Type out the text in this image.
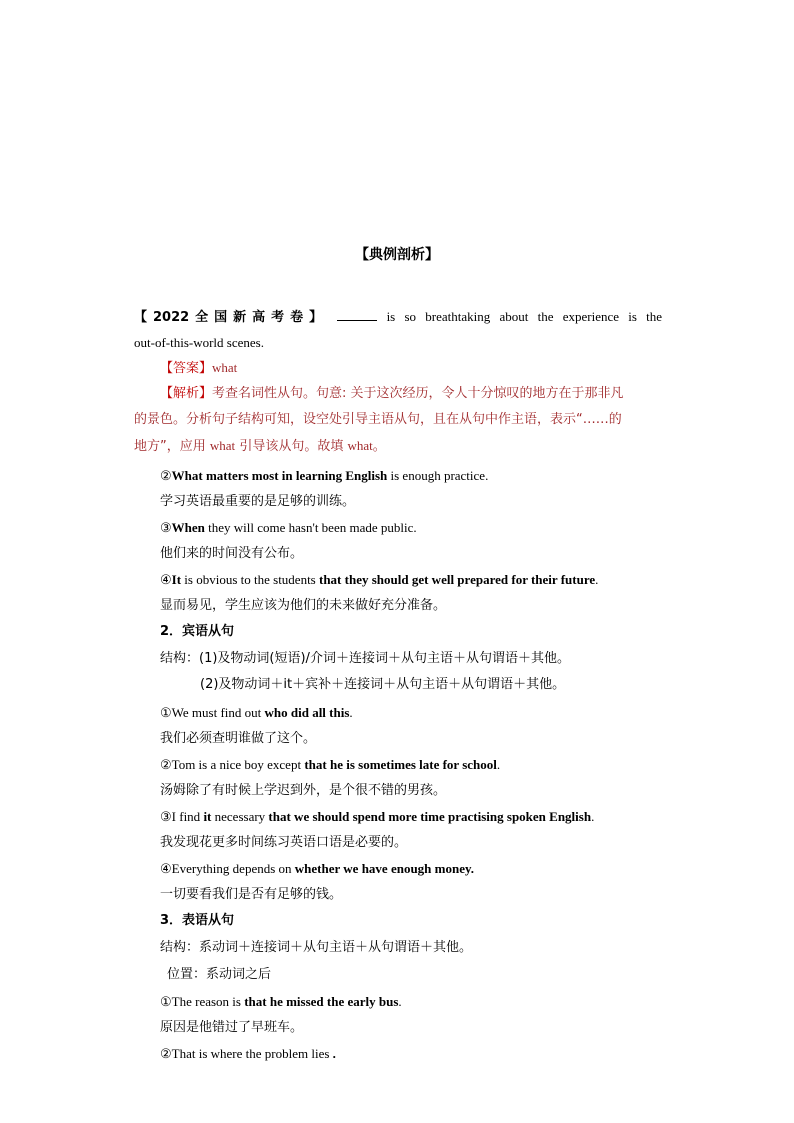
【典例剖析】
【2022全国新高考卷】	is so breathtaking about the experience is the
out-of-this-world scenes.
【答案】what
【解析】考查名词性从句。句意: 关于这次经历，令人十分惊叹的地方在于那非凡
的景色。分析句子结构可知，设空处引导主语从句，且在从句中作主语，表示“……的
地方”，应用 what 引导该从句。故填 what。
②What matters most in learning English is enough practice.
学习英语最重要的是足够的训练。
③When they will come hasn't been made public.
他们来的时间没有公布。
④It is obvious to the students that they should get well prepared for their future.
显而易见，学生应该为他们的未来做好充分准备。
2．宾语从句
结构：(1)及物动词(短语)/介词＋连接词＋从句主语＋从句谓语＋其他。
(2)及物动词＋it＋宾补＋连接词＋从句主语＋从句谓语＋其他。
①We must find out who did all this.
我们必须查明谁做了这个。
②Tom is a nice boy except that he is sometimes late for school.
汤姆除了有时候上学迟到外，是个很不错的男孩。
③I find it necessary that we should spend more time practising spoken English.
我发现花更多时间练习英语口语是必要的。
④Everything depends on whether we have enough money.
一切要看我们是否有足够的钱。
3．表语从句
结构：系动词＋连接词＋从句主语＋从句谓语＋其他。
位置：系动词之后
①The reason is that he missed the early bus.
原因是他错过了早班车。
②That is where the problem lies .
